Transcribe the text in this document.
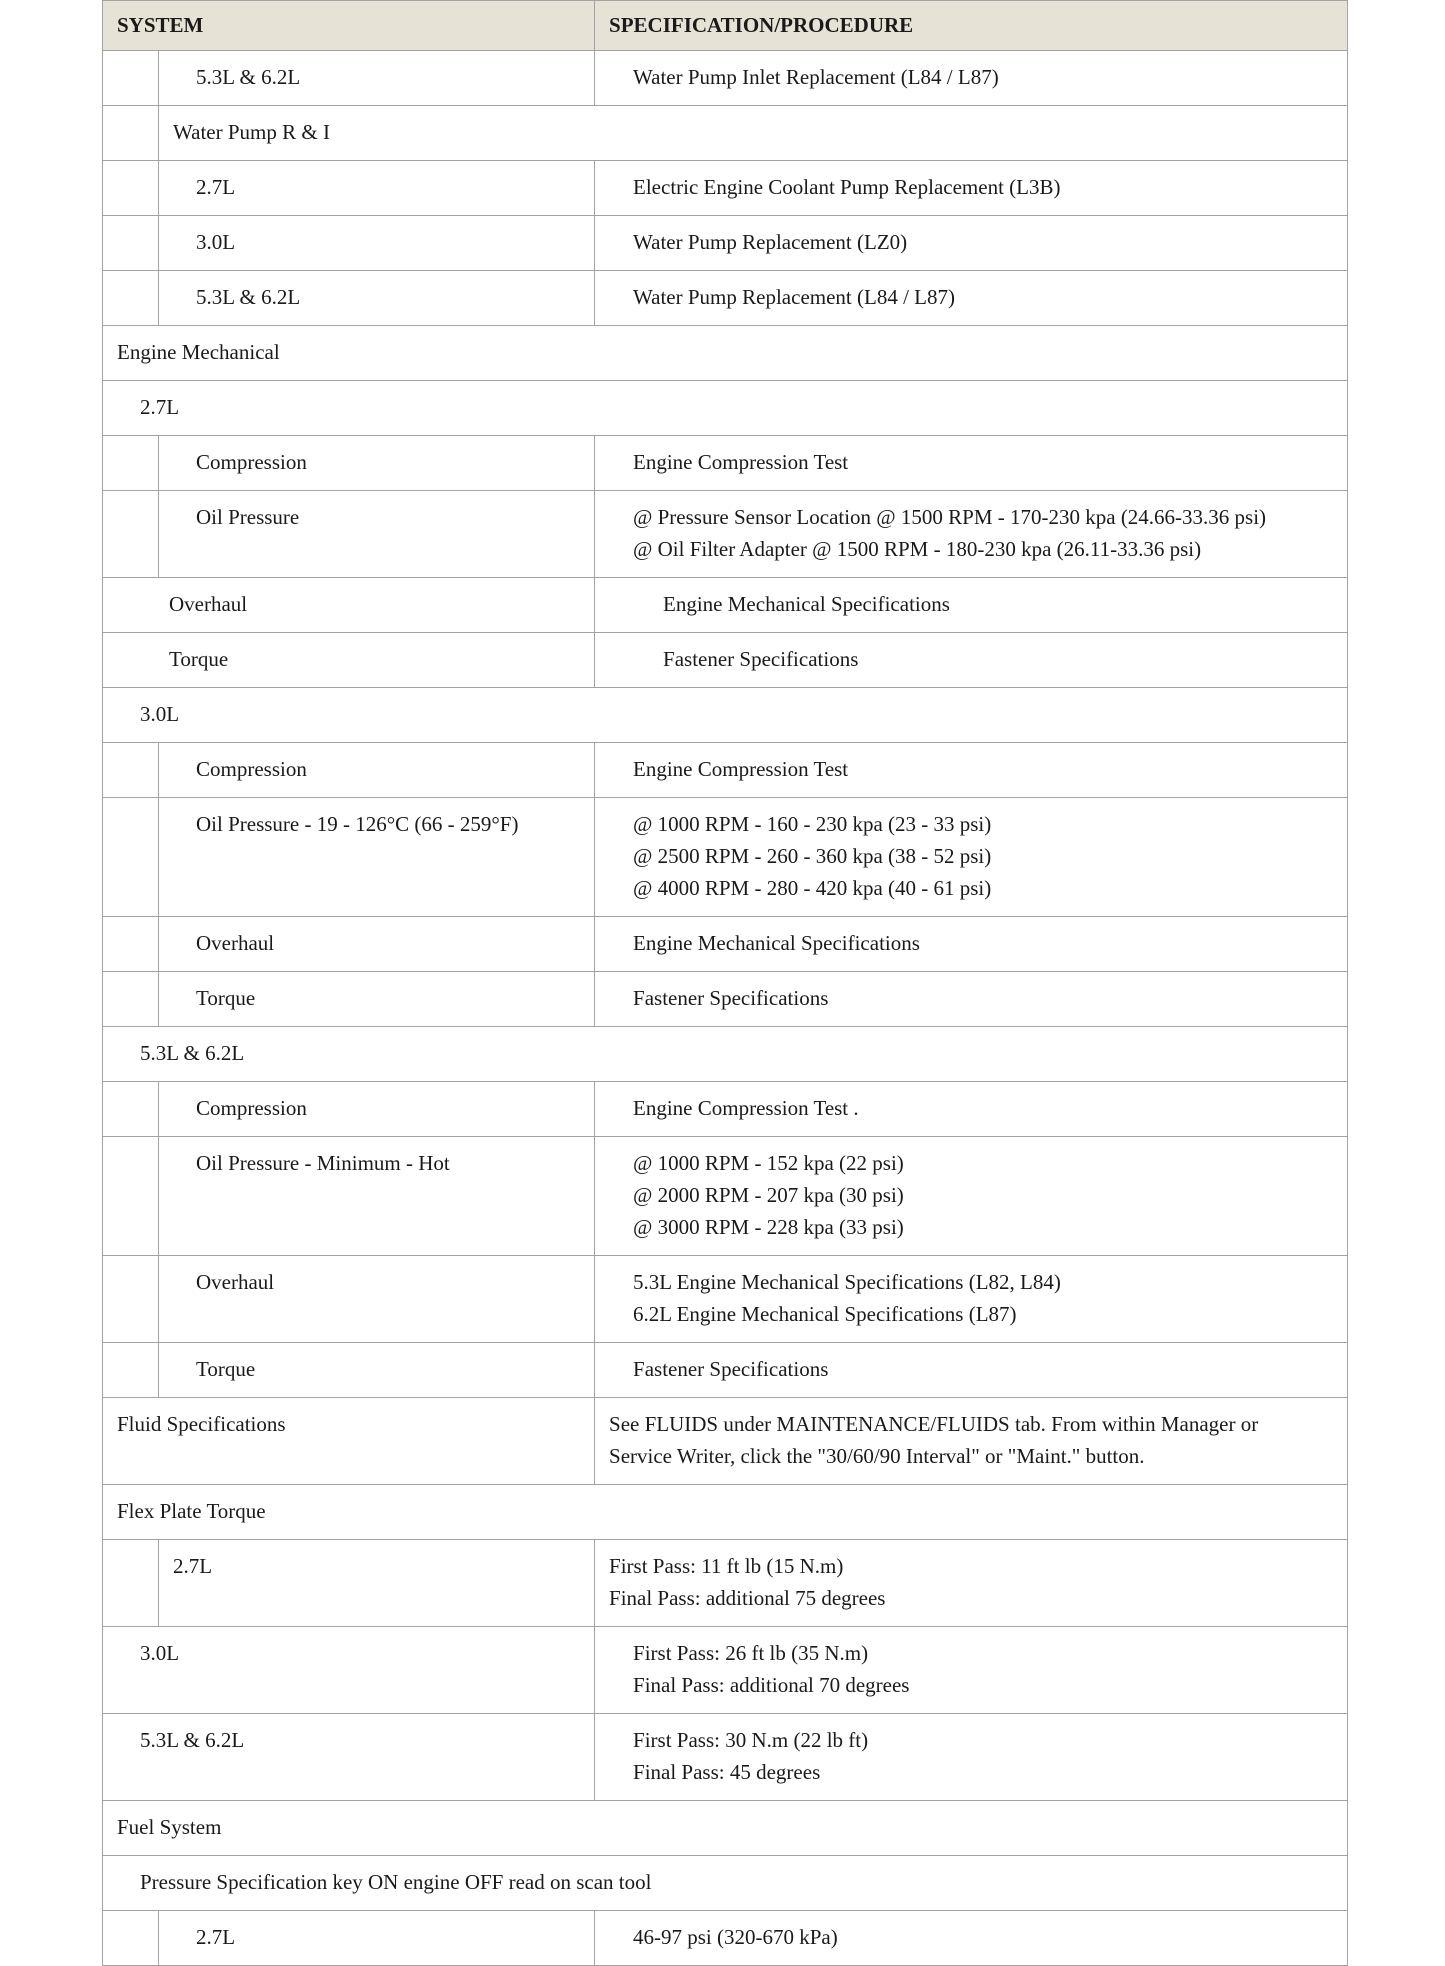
SYSTEM		SPECIFICATION/PROCEDURE

	5.3L & 6.2L	Water Pump Inlet Replacement (L84 / L87)

	Water Pump R & I	

	2.7L	Electric Engine Coolant Pump Replacement (L3B)

	3.0L	Water Pump Replacement (LZ0)

	5.3L & 6.2L	Water Pump Replacement (L84 / L87)

Engine Mechanical		

2.7L		

	Compression	Engine Compression Test

	Oil Pressure	@ Pressure Sensor Location @ 1500 RPM - 170-230 kpa (24.66-33.36 psi)
@ Oil Filter Adapter @ 1500 RPM - 180-230 kpa (26.11-33.36 psi)

Overhaul		Engine Mechanical Specifications

Torque		Fastener Specifications

3.0L		

	Compression	Engine Compression Test

	Oil Pressure - 19 - 126°C (66 - 259°F)	@ 1000 RPM - 160 - 230 kpa (23 - 33 psi)
@ 2500 RPM - 260 - 360 kpa (38 - 52 psi)
@ 4000 RPM - 280 - 420 kpa (40 - 61 psi)

	Overhaul	Engine Mechanical Specifications

	Torque	Fastener Specifications

5.3L & 6.2L		

	Compression	Engine Compression Test .

	Oil Pressure - Minimum - Hot	@ 1000 RPM - 152 kpa (22 psi)
@ 2000 RPM - 207 kpa (30 psi)
@ 3000 RPM - 228 kpa (33 psi)

	Overhaul	5.3L Engine Mechanical Specifications (L82, L84)
6.2L Engine Mechanical Specifications (L87)

	Torque	Fastener Specifications

Fluid Specifications		See FLUIDS under MAINTENANCE/FLUIDS tab. From within Manager or
Service Writer, click the "30/60/90 Interval" or "Maint." button.

Flex Plate Torque		

	2.7L	First Pass: 11 ft lb (15 N.m)
Final Pass: additional 75 degrees

3.0L		First Pass: 26 ft lb (35 N.m)
Final Pass: additional 70 degrees

5.3L & 6.2L		First Pass: 30 N.m (22 lb ft)
Final Pass: 45 degrees

Fuel System		

Pressure Specification key ON engine OFF read on scan tool		

	2.7L	46-97 psi (320-670 kPa)
